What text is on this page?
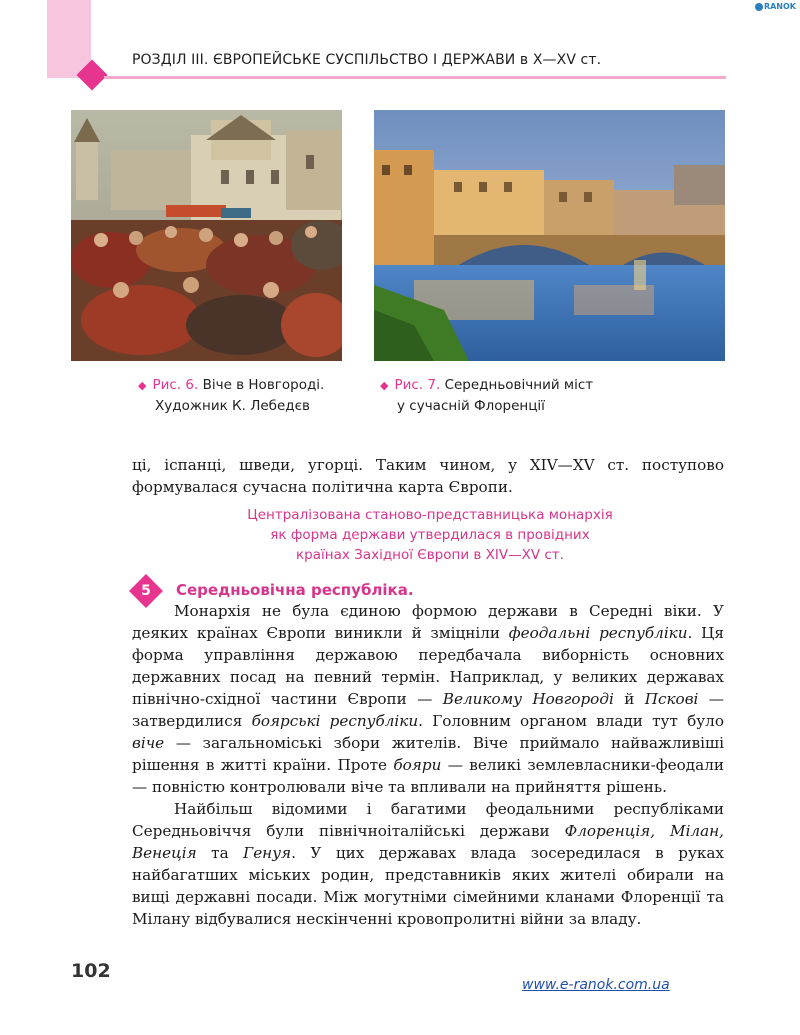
РОЗДІЛ ІІІ. ЄВРОПЕЙСЬКЕ СУСПІЛЬСТВО І ДЕРЖАВИ в X—XV ст.
RANOK
◆ Рис. 6. Віче в Новгороді.
Художник К. Лебедєв
◆ Рис. 7. Середньовічний міст
у сучасній Флоренції

ці, іспанці, шведи, угорці. Таким чином, у XIV—XV ст. поступово формувалася сучасна політична карта Європи.

Централізована станово-представницька монархія
як форма держави утвердилася в провідних
країнах Західної Європи в XIV—XV ст.
5	Середньовічна республіка.

Монархія не була єдиною формою держави в Середні віки. У деяких країнах Європи виникли й зміцніли феодальні республіки. Ця форма управління державою передбачала виборність основних державних посад на певний термін. Наприклад, у великих державах північно-східної частини Європи — Великому Новгороді й Пскові — затвердилися боярські республіки. Головним органом влади тут було віче — загальноміські збори жителів. Віче приймало найважливіші рішення в житті країни. Проте бояри — великі землевласники-феодали — повністю контролювали віче та впливали на прийняття рішень.

Найбільш відомими і багатими феодальними республіками Середньовіччя були північноіталійські держави Флоренція, Мілан, Венеція та Генуя. У цих державах влада зосередилася в руках найбагатших міських родин, представників яких жителі обирали на вищі державні посади. Між могутніми сімейними кланами Флоренції та Мілану відбувалися нескінченні кровопролитні війни за владу.

102
www.e-ranok.com.ua
